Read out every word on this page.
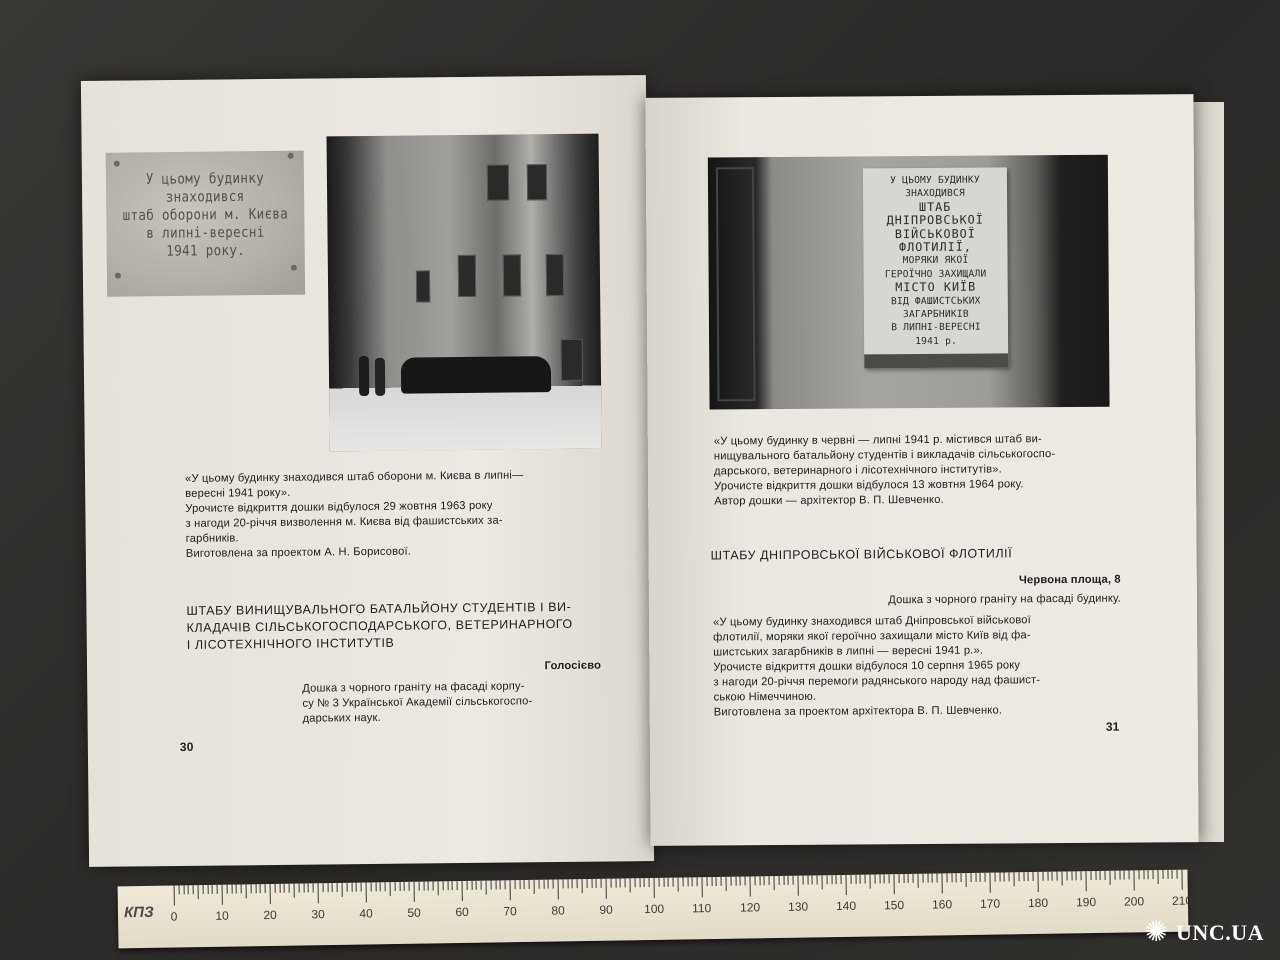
У цьому будинку
знаходився
штаб оборони м. Києва
в липні-вересні
1941 року.
«У цьому будинку знаходився штаб оборони м. Києва в липні—
вересні 1941 року».
Урочисте відкриття дошки відбулося 29 жовтня 1963 року
з нагоди 20-річчя визволення м. Києва від фашистських за-
гарбників.
Виготовлена за проектом А. Н. Борисової.
ШТАБУ ВИНИЩУВАЛЬНОГО БАТАЛЬЙОНУ СТУДЕНТІВ І ВИ-
КЛАДАЧІВ СІЛЬСЬКОГОСПОДАРСЬКОГО, ВЕТЕРИНАРНОГО
І ЛІСОТЕХНІЧНОГО ІНСТИТУТІВ
Голосієво
Дошка з чорного граніту на фасаді корпу-
су № 3 Української Академії сільськогоспо-
дарських наук.
30
У ЦЬОМУ БУДИНКУ
ЗНАХОДИВСЯ
ШТАБ
ДНІПРОВСЬКОЇ
ВІЙСЬКОВОЇ
ФЛОТИЛІЇ,
МОРЯКИ ЯКОЇ
ГЕРОЇЧНО ЗАХИЩАЛИ
МІСТО КИЇВ
ВІД ФАШИСТСЬКИХ
ЗАГАРБНИКІВ
В ЛИПНІ-ВЕРЕСНІ
1941 р.
«У цьому будинку в червні — липні 1941 р. містився штаб ви-
нищувального батальйону студентів і викладачів сільськогоспо-
дарського, ветеринарного і лісотехнічного інститутів».
Урочисте відкриття дошки відбулося 13 жовтня 1964 року.
Автор дошки — архітектор В. П. Шевченко.
ШТАБУ ДНІПРОВСЬКОЇ ВІЙСЬКОВОЇ ФЛОТИЛІЇ
Червона площа, 8
Дошка з чорного граніту на фасаді будинку.
«У цьому будинку знаходився штаб Дніпровської військової
флотилії, моряки якої героїчно захищали місто Київ від фа-
шистських загарбників в липні — вересні 1941 р.».
Урочисте відкриття дошки відбулося 10 серпня 1965 року
з нагоди 20-річчя перемоги радянського народу над фашист-
ською Німеччиною.
Виготовлена за проектом архітектора В. П. Шевченко.
31
КПЗ 0	10	20	30	40	50	60	70	80	90	100 110 120 130 140 150 160 170 180 190 200 210
✺ UNC.UA
